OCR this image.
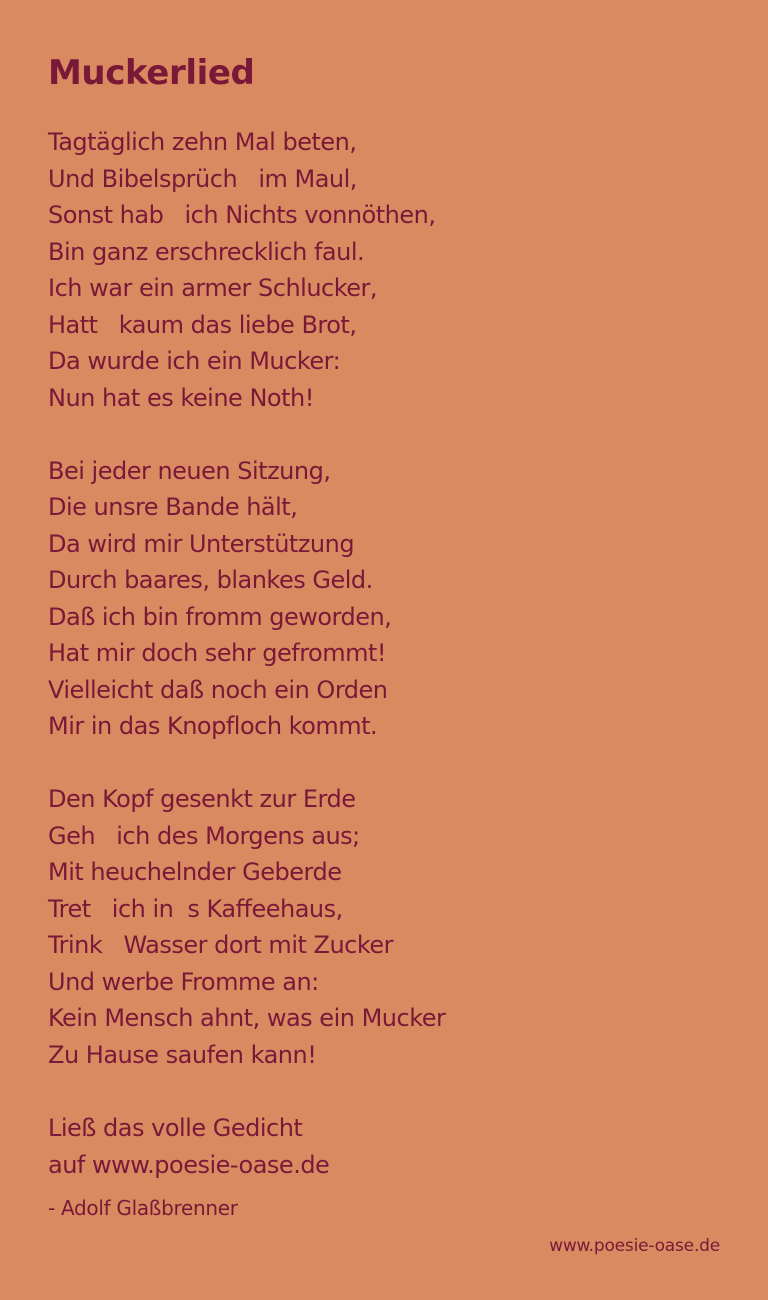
Muckerlied
Tagtäglich zehn Mal beten,
Und Bibelsprüch im Maul,
Sonst hab ich Nichts vonnöthen,
Bin ganz erschrecklich faul.
Ich war ein armer Schlucker,
Hatt kaum das liebe Brot,
Da wurde ich ein Mucker:
Nun hat es keine Noth!
Bei jeder neuen Sitzung,
Die unsre Bande hält,
Da wird mir Unterstützung
Durch baares, blankes Geld.
Daß ich bin fromm geworden,
Hat mir doch sehr gefrommt!
Vielleicht daß noch ein Orden
Mir in das Knopfloch kommt.
Den Kopf gesenkt zur Erde
Geh ich des Morgens aus;
Mit heuchelnder Geberde
Tret ich ins Kaffeehaus,
Trink Wasser dort mit Zucker
Und werbe Fromme an:
Kein Mensch ahnt, was ein Mucker
Zu Hause saufen kann!
Ließ das volle Gedicht
auf www.poesie-oase.de
- Adolf Glaßbrenner
www.poesie-oase.de
